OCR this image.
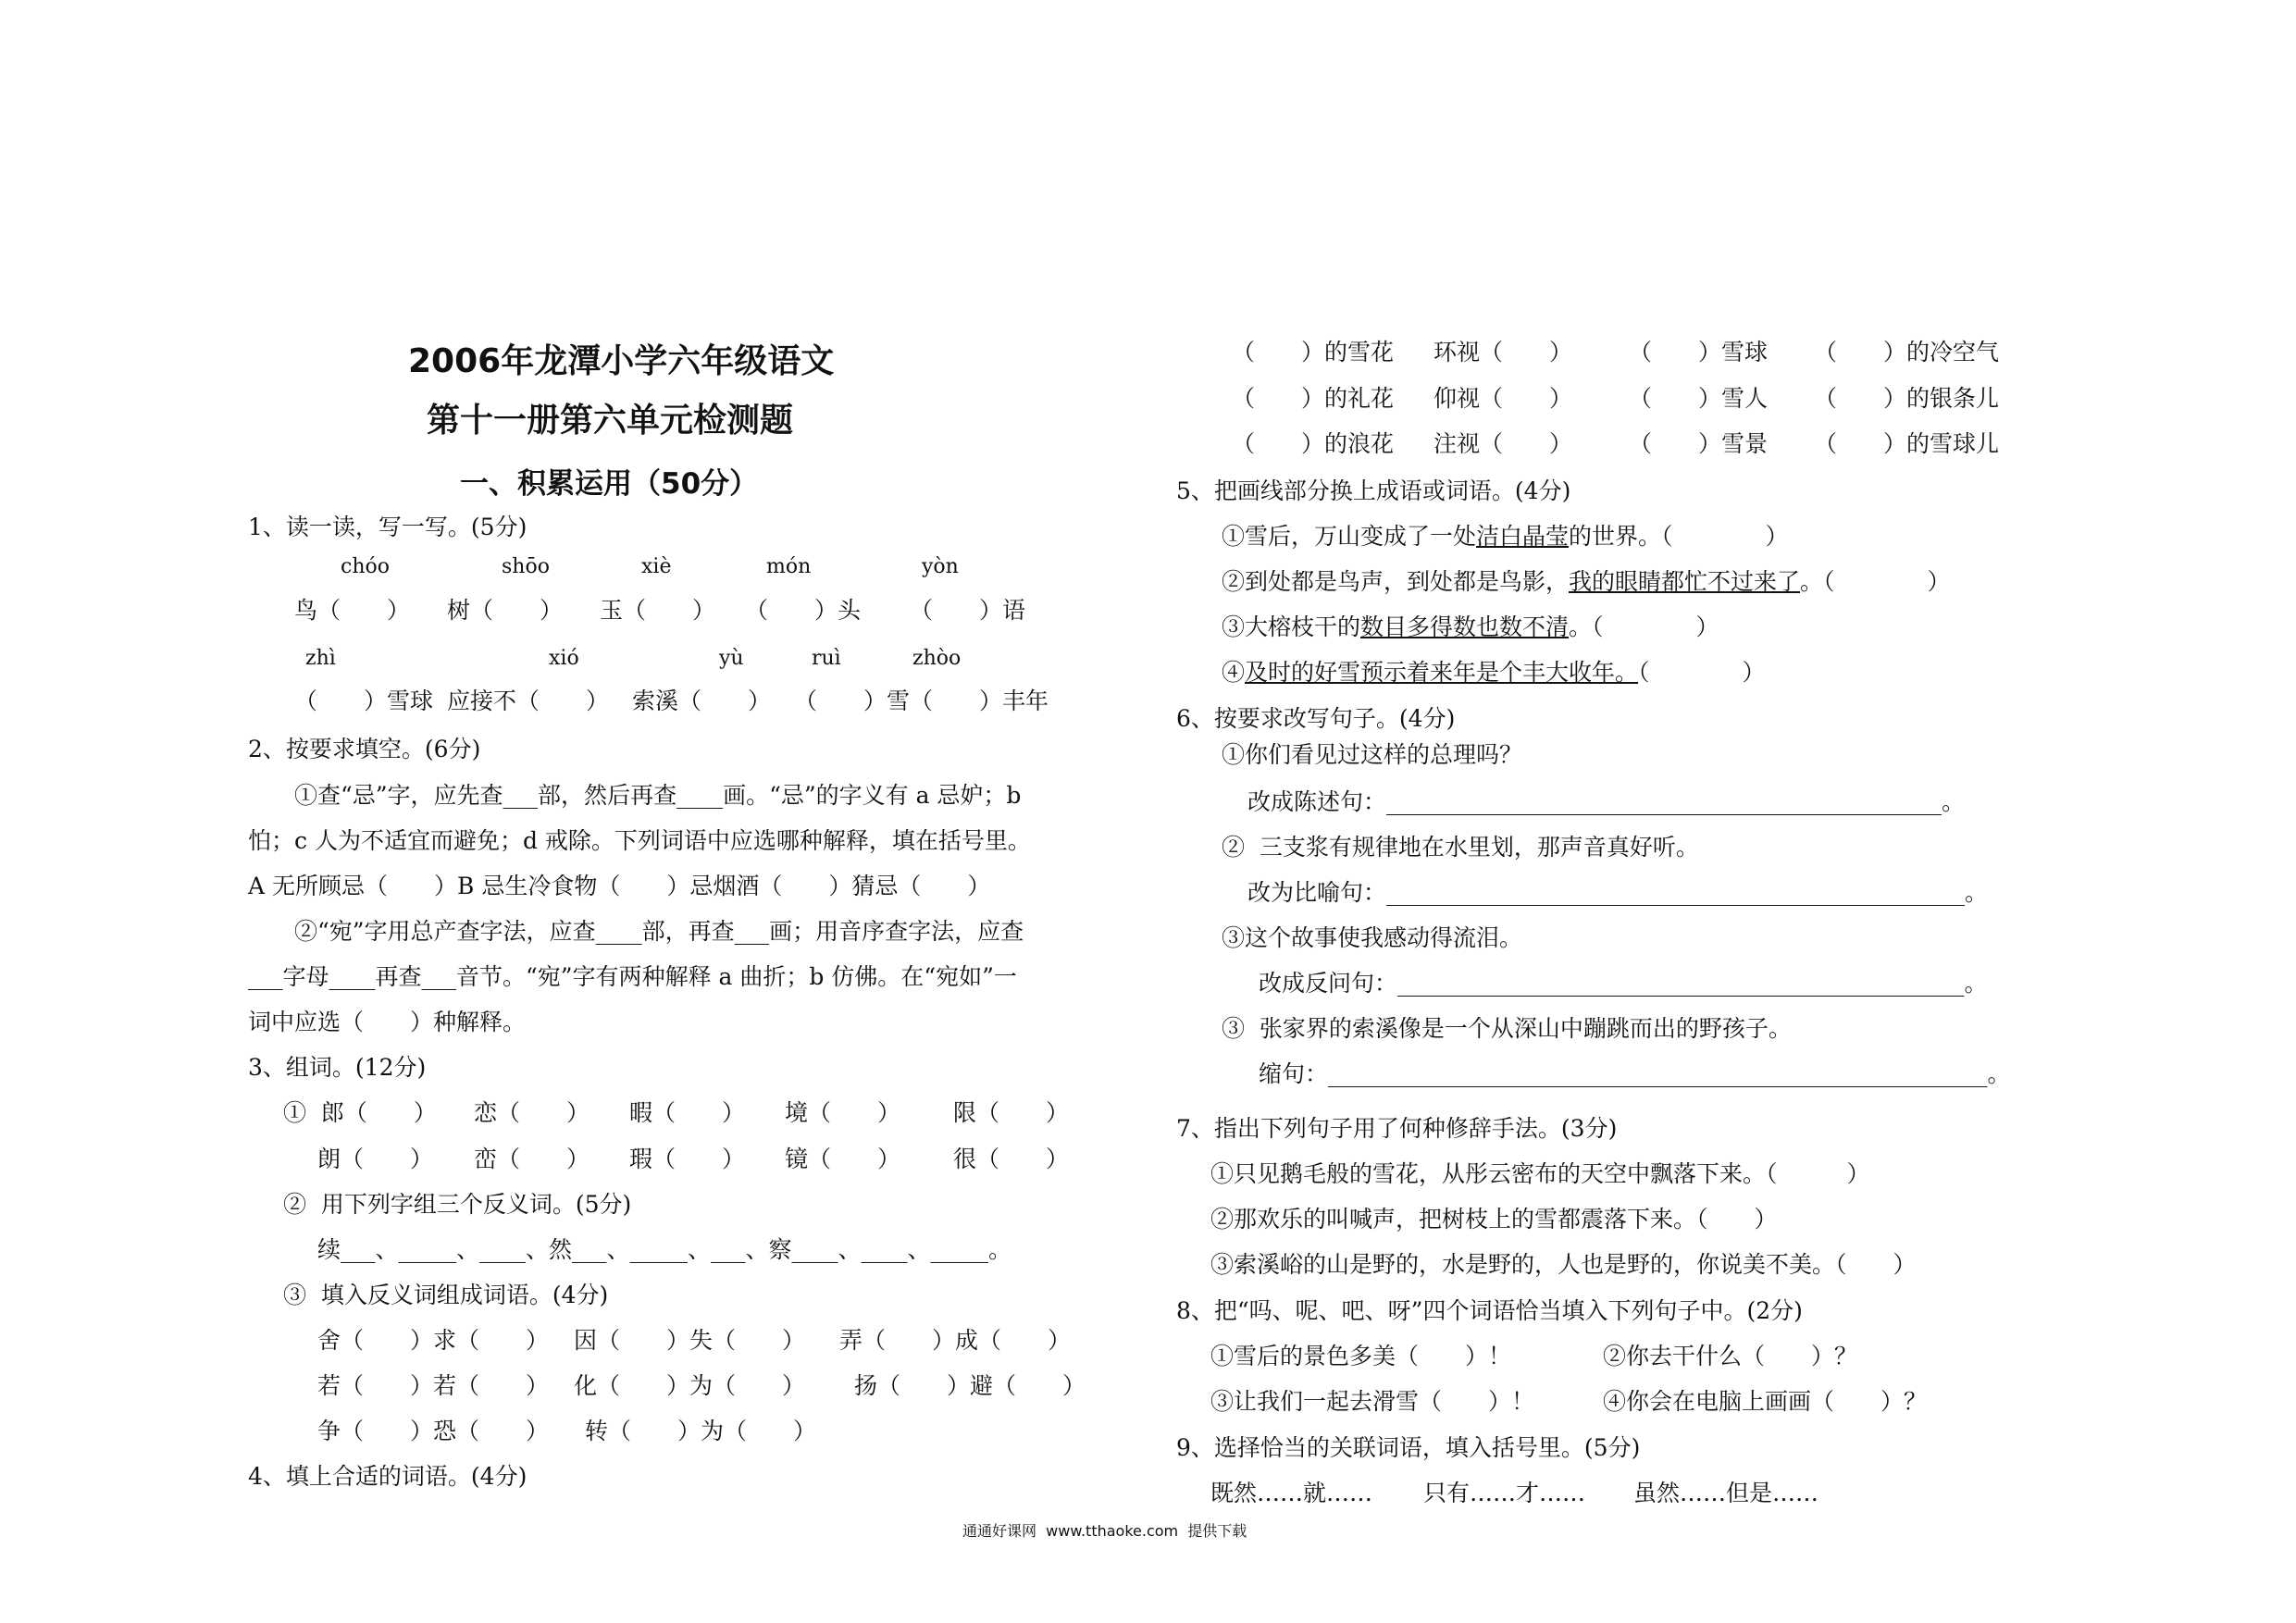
2006年龙潭小学六年级语文
第十一册第六单元检测题
一、积累运用（50分）
1、读一读，写一写。(5分)
chóo	shōo	xiè	món	yòn
鸟（　　） 树（　　） 玉（　　） （　　）头 （　　）语
zhì	xió	yù	ruì	zhòo
（　　）雪球 应接不（　　） 索溪（　　） （　　）雪（　　）丰年
2、按要求填空。(6分)
①查“忌”字，应先查___部，然后再查____画。“忌”的字义有 a 忌妒；b
怕；c 人为不适宜而避免；d 戒除。下列词语中应选哪种解释，填在括号里。
A 无所顾忌（　　）B 忌生冷食物（　　）忌烟酒（　　）猜忌（　　）
②“宛”字用总产查字法，应查____部，再查___画；用音序查字法，应查
___字母____再查___音节。“宛”字有两种解释 a 曲折；b 仿佛。在“宛如”一
词中应选（　　）种解释。
3、组词。(12分)
①  郎（　　） 恋（　　） 暇（　　） 境（　　） 限（　　）
朗（　　） 峦（　　） 瑕（　　） 镜（　　） 很（　　）
②  用下列字组三个反义词。(5分)
续___、_____、____、然___、_____、___、察____、____、_____。
③  填入反义词组成词语。(4分)
舍（　　）求（　　） 因（　　）失（　　） 弄（　　）成（　　）
若（　　）若（　　） 化（　　）为（　　） 扬（　　）避（　　）
争（　　）恐（　　） 转（　　）为（　　）
4、填上合适的词语。(4分)
（　　）的雪花 环视（　　） （　　）雪球 （　　）的冷空气
（　　）的礼花 仰视（　　） （　　）雪人 （　　）的银条儿
（　　）的浪花 注视（　　） （　　）雪景 （　　）的雪球儿
5、把画线部分换上成语或词语。(4分)
①雪后，万山变成了一处洁白晶莹的世界。（　　　　）
②到处都是鸟声，到处都是鸟影，我的眼睛都忙不过来了。（　　　　）
③大榕枝干的数目多得数也数不清。（　　　　）
④及时的好雪预示着来年是个丰大收年。（　　　　）
6、按要求改写句子。(4分)
①你们看见过这样的总理吗？
改成陈述句：________________________________________________。
②  三支浆有规律地在水里划，那声音真好听。
改为比喻句：__________________________________________________。
③这个故事使我感动得流泪。
改成反问句：_________________________________________________。
③  张家界的索溪像是一个从深山中蹦跳而出的野孩子。
缩句：_________________________________________________________。
7、指出下列句子用了何种修辞手法。(3分)
①只见鹅毛般的雪花，从彤云密布的天空中飘落下来。（　　　）
②那欢乐的叫喊声，把树枝上的雪都震落下来。（　　）
③索溪峪的山是野的，水是野的，人也是野的，你说美不美。（　　）
8、把“吗、呢、吧、呀”四个词语恰当填入下列句子中。(2分)
①雪后的景色多美（　　）！	②你去干什么（　　）？
③让我们一起去滑雪（　　）！	④你会在电脑上画画（　　）？
9、选择恰当的关联词语，填入括号里。(5分)
既然……就…… 只有……才…… 虽然……但是……
通通好课网  www.tthaoke.com  提供下载
